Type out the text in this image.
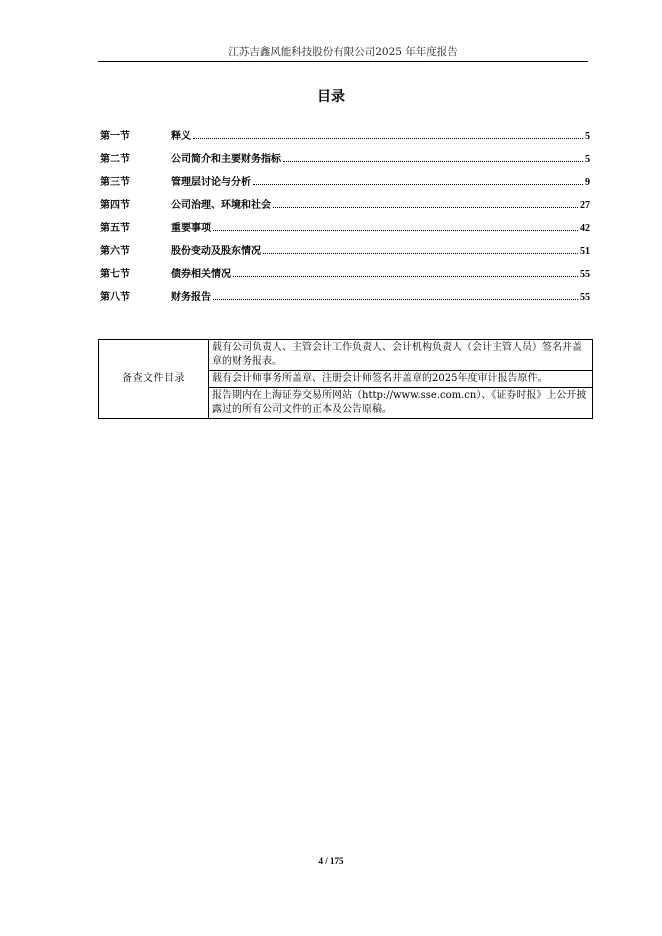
江苏吉鑫风能科技股份有限公司2025 年年度报告
目录
第一节	释义	5
第二节	公司简介和主要财务指标	5
第三节	管理层讨论与分析	9
第四节	公司治理、环境和社会	27
第五节	重要事项	42
第六节	股份变动及股东情况	51
第七节	债券相关情况	55
第八节	财务报告	55
备查文件目录	载有公司负责人、主管会计工作负责人、会计机构负责人（会计主管人员）签名并盖章的财务报表。
载有会计师事务所盖章、注册会计师签名并盖章的2025年度审计报告原件。
报告期内在上海证券交易所网站（http://www.sse.com.cn）、《证券时报》上公开披露过的所有公司文件的正本及公告原稿。
4 / 175
